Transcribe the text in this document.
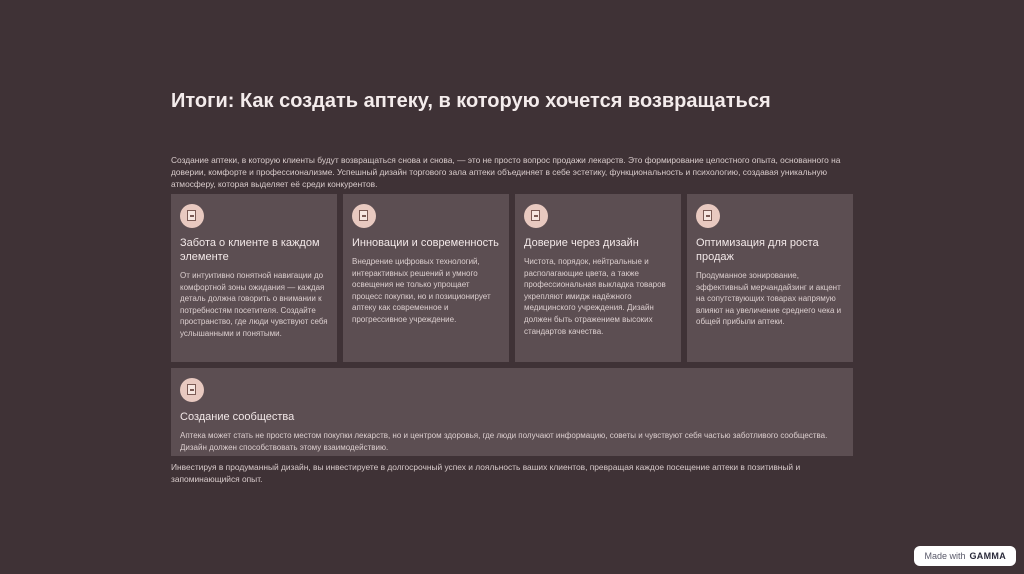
Итоги: Как создать аптеку, в которую хочется возвращаться
Создание аптеки, в которую клиенты будут возвращаться снова и снова, — это не просто вопрос продажи лекарств. Это формирование целостного опыта, основанного на доверии, комфорте и профессионализме. Успешный дизайн торгового зала аптеки объединяет в себе эстетику, функциональность и психологию, создавая уникальную атмосферу, которая выделяет её среди конкурентов.
Забота о клиенте в каждом элементе

От интуитивно понятной навигации до комфортной зоны ожидания — каждая деталь должна говорить о внимании к потребностям посетителя. Создайте пространство, где люди чувствуют себя услышанными и понятыми.

Инновации и современность

Внедрение цифровых технологий, интерактивных решений и умного освещения не только упрощает процесс покупки, но и позиционирует аптеку как современное и прогрессивное учреждение.

Доверие через дизайн

Чистота, порядок, нейтральные и располагающие цвета, а также профессиональная выкладка товаров укрепляют имидж надёжного медицинского учреждения. Дизайн должен быть отражением высоких стандартов качества.

Оптимизация для роста продаж

Продуманное зонирование, эффективный мерчандайзинг и акцент на сопутствующих товарах напрямую влияют на увеличение среднего чека и общей прибыли аптеки.

Создание сообщества

Аптека может стать не просто местом покупки лекарств, но и центром здоровья, где люди получают информацию, советы и чувствуют себя частью заботливого сообщества. Дизайн должен способствовать этому взаимодействию.

Инвестируя в продуманный дизайн, вы инвестируете в долгосрочный успех и лояльность ваших клиентов, превращая каждое посещение аптеки в позитивный и запоминающийся опыт.
Made with GAMMA
